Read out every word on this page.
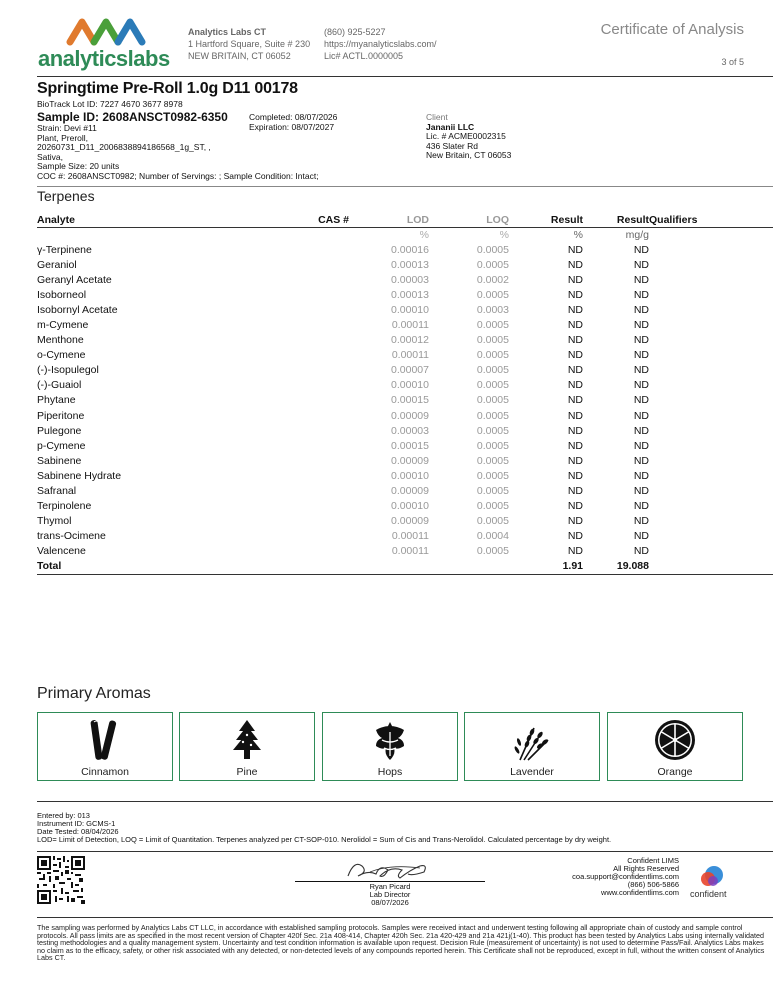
analyticslabs
Analytics Labs CT
1 Hartford Square, Suite # 230
NEW BRITAIN, CT 06052
(860) 925-5227
https://myanalyticslabs.com/
Lic# ACTL.0000005
Certificate of Analysis
3 of 5
Springtime Pre-Roll 1.0g D11 00178
BioTrack Lot ID: 7227 4670 3677 8978
Sample ID: 2608ANSCT0982-6350
Strain: Devi #11
Plant, Preroll,
20260731_D11_2006838894186568_1g_ST, ,
Sativa,
Sample Size: 20 units
COC #: 2608ANSCT0982; Number of Servings: ; Sample Condition: Intact;
Completed: 08/07/2026
Expiration: 08/07/2027
Client
Jananii LLC
Lic. # ACME0002315
436 Slater Rd
New Britain, CT 06053
Terpenes
Analyte	CAS #	LOD	LOQ	Result	Result	Qualifiers
		%	%	%	mg/g	
γ-Terpinene		0.00016	0.0005	ND	ND	
Geraniol		0.00013	0.0005	ND	ND	
Geranyl Acetate		0.00003	0.0002	ND	ND	
Isoborneol		0.00013	0.0005	ND	ND	
Isobornyl Acetate		0.00010	0.0003	ND	ND	
m-Cymene		0.00011	0.0005	ND	ND	
Menthone		0.00012	0.0005	ND	ND	
o-Cymene		0.00011	0.0005	ND	ND	
(-)-Isopulegol		0.00007	0.0005	ND	ND	
(-)-Guaiol		0.00010	0.0005	ND	ND	
Phytane		0.00015	0.0005	ND	ND	
Piperitone		0.00009	0.0005	ND	ND	
Pulegone		0.00003	0.0005	ND	ND	
p-Cymene		0.00015	0.0005	ND	ND	
Sabinene		0.00009	0.0005	ND	ND	
Sabinene Hydrate		0.00010	0.0005	ND	ND	
Safranal		0.00009	0.0005	ND	ND	
Terpinolene		0.00010	0.0005	ND	ND	
Thymol		0.00009	0.0005	ND	ND	
trans-Ocimene		0.00011	0.0004	ND	ND	
Valencene		0.00011	0.0005	ND	ND	
Total				1.91	19.088	
Primary Aromas
Cinnamon	Pine	Hops	Lavender	Orange
Entered by: 013
Instrument ID: GCMS-1
Date Tested: 08/04/2026
LOD= Limit of Detection, LOQ = Limit of Quantitation. Terpenes analyzed per CT-SOP-010. Nerolidol = Sum of Cis and Trans-Nerolidol. Calculated percentage by dry weight.
Ryan Picard
Lab Director
08/07/2026
Confident LIMS
All Rights Reserved
coa.support@confidentlims.com
(866) 506-5866
www.confidentlims.com confident
The sampling was performed by Analytics Labs CT LLC, in accordance with established sampling protocols. Samples were received intact and underwent testing following all appropriate chain of custody and sample control protocols. All pass limits are as specified in the most recent version of Chapter 420f Sec. 21a 408-414, Chapter 420h Sec. 21a 420-429 and 21a 421j(1-40). This product has been tested by Analytics Labs using internally validated testing methodologies and a quality management system. Uncertainty and test condition information is available upon request. Decision Rule (measurement of uncertainty) is not used to determine Pass/Fail. Analytics Labs makes no claim as to the efficacy, safety, or other risk associated with any detected, or non-detected levels of any compounds reported herein. This Certificate shall not be reproduced, except in full, without the written consent of Analytics Labs CT.
